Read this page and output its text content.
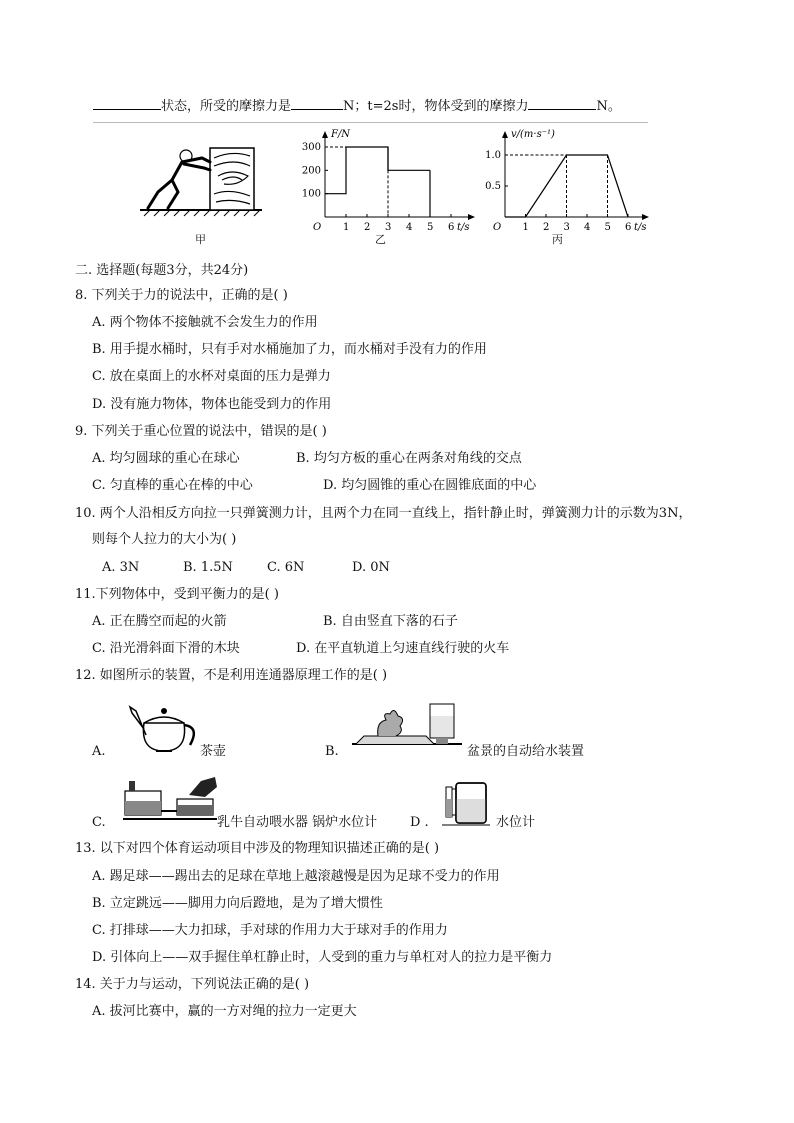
状态，所受的摩擦力是	N；t=2s时，物体受到的摩擦力	N。
甲
F/N
t/s
O 1 2 3 4 5 6
300
200
100
乙
v/(m·s⁻¹)
t/s
O 1 2 3 4 5 6
1.0
0.5
丙
二. 选择题(每题3分，共24分)
8. 下列关于力的说法中，正确的是( )
A. 两个物体不接触就不会发生力的作用
B. 用手提水桶时，只有手对水桶施加了力，而水桶对手没有力的作用
C. 放在桌面上的水杯对桌面的压力是弹力
D. 没有施力物体，物体也能受到力的作用
9. 下列关于重心位置的说法中，错误的是( )
A. 均匀圆球的重心在球心	B. 均匀方板的重心在两条对角线的交点
C. 匀直棒的重心在棒的中心	D. 均匀圆锥的重心在圆锥底面的中心
10. 两个人沿相反方向拉一只弹簧测力计，且两个力在同一直线上，指针静止时，弹簧测力计的示数为3N，
则每个人拉力的大小为( )
A. 3N	B. 1.5N	C. 6N	D. 0N
11.下列物体中，受到平衡力的是( )
A. 正在腾空而起的火箭	B. 自由竖直下落的石子
C. 沿光滑斜面下滑的木块	D. 在平直轨道上匀速直线行驶的火车
12. 如图所示的装置，不是利用连通器原理工作的是( )
A.	茶壶	B.	盆景的自动给水装置
C.	乳牛自动喂水器 锅炉水位计	D .	水位计
13. 以下对四个体育运动项目中涉及的物理知识描述正确的是( )
A. 踢足球——踢出去的足球在草地上越滚越慢是因为足球不受力的作用
B. 立定跳远——脚用力向后蹬地，是为了增大惯性
C. 打排球——大力扣球，手对球的作用力大于球对手的作用力
D. 引体向上——双手握住单杠静止时，人受到的重力与单杠对人的拉力是平衡力
14. 关于力与运动，下列说法正确的是( )
A. 拔河比赛中，赢的一方对绳的拉力一定更大
